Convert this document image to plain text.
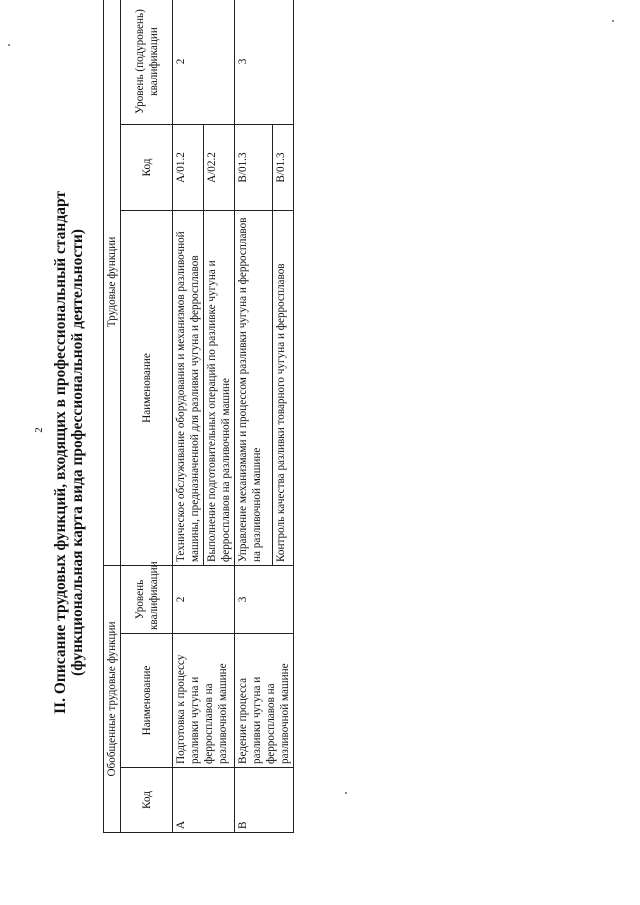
2 II. Описание трудовых функций, входящих в профессиональный стандарт (функциональная карта вида профессиональной деятельности)
Обобщенные трудовые функции			Трудовые функции		
Код	Наименование	Уровень квалификации	Наименование	Код	Уровень (подуровень) квалификации
A	Подготовка к процессу разливки чугуна и ферросплавов на разливочной машине	2	Техническое обслуживание оборудования и механизмов разливочной машины, предназначенной для разливки чугуна и ферросплавов	A/01.2	2
			Выполнение подготовительных операций по разливке чугуна и ферросплавов на разливочной машине	A/02.2	
B	Ведение процесса разливки чугуна и ферросплавов на разливочной машине	3	Управление механизмами и процессом разливки чугуна и ферросплавов на разливочной машине	B/01.3	3
			Контроль качества разливки товарного чугуна и ферросплавов	B/01.3	
